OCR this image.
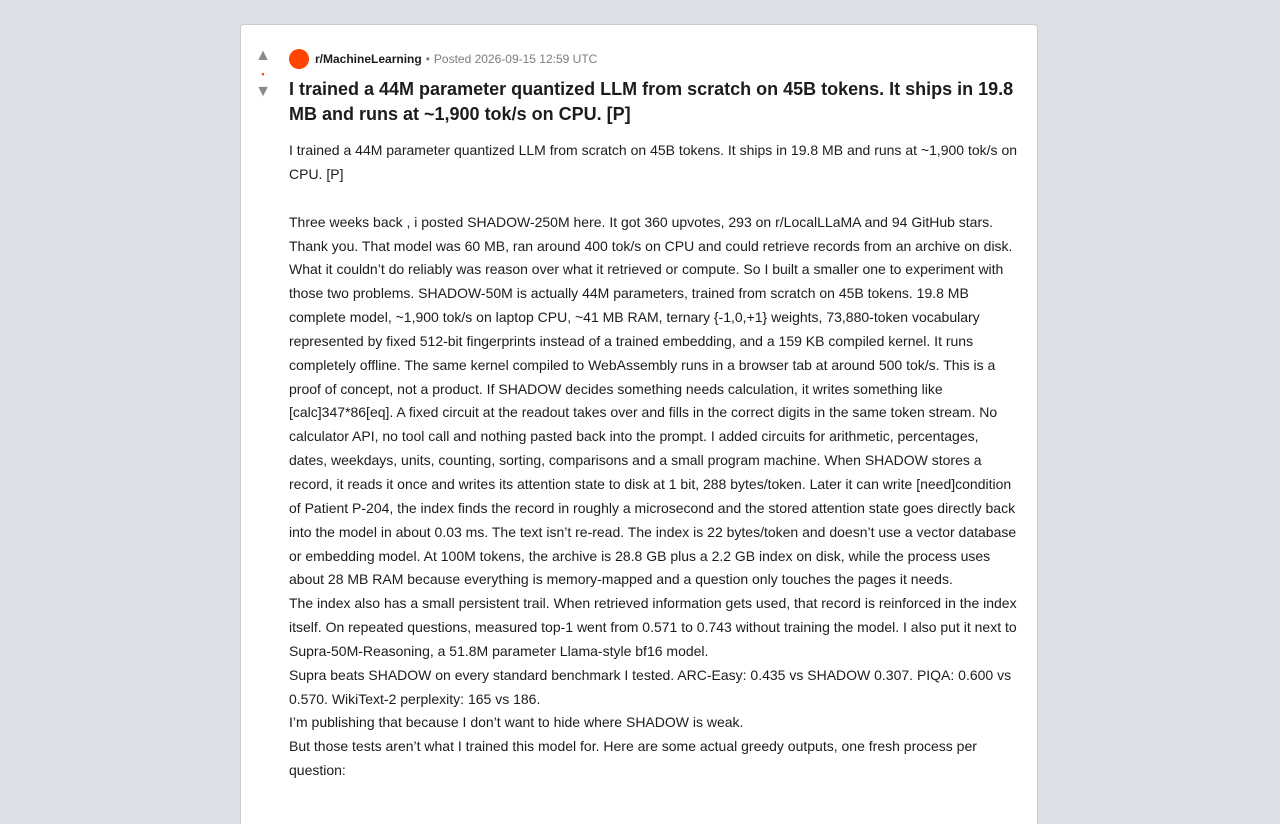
▲
•
▼
r/MachineLearning • Posted 2026-09-15 12:59 UTC
I trained a 44M parameter quantized LLM from scratch on 45B tokens. It ships in 19.8 MB and runs at ~1,900 tok/s on CPU. [P]

I trained a 44M parameter quantized LLM from scratch on 45B tokens. It ships in 19.8 MB and runs at ~1,900 tok/s on CPU. [P]

Three weeks back , i posted SHADOW-250M here. It got 360 upvotes, 293 on r/LocalLLaMA and 94 GitHub stars. Thank you. That model was 60 MB, ran around 400 tok/s on CPU and could retrieve records from an archive on disk. What it couldn’t do reliably was reason over what it retrieved or compute. So I built a smaller one to experiment with those two problems. SHADOW-50M is actually 44M parameters, trained from scratch on 45B tokens. 19.8 MB complete model, ~1,900 tok/s on laptop CPU, ~41 MB RAM, ternary {-1,0,+1} weights, 73,880-token vocabulary represented by fixed 512-bit fingerprints instead of a trained embedding, and a 159 KB compiled kernel. It runs completely offline. The same kernel compiled to WebAssembly runs in a browser tab at around 500 tok/s. This is a proof of concept, not a product. If SHADOW decides something needs calculation, it writes something like [calc]347*86[eq]. A fixed circuit at the readout takes over and fills in the correct digits in the same token stream. No calculator API, no tool call and nothing pasted back into the prompt. I added circuits for arithmetic, percentages, dates, weekdays, units, counting, sorting, comparisons and a small program machine. When SHADOW stores a record, it reads it once and writes its attention state to disk at 1 bit, 288 bytes/token. Later it can write [need]condition of Patient P-204, the index finds the record in roughly a microsecond and the stored attention state goes directly back into the model in about 0.03 ms. The text isn’t re-read. The index is 22 bytes/token and doesn’t use a vector database or embedding model. At 100M tokens, the archive is 28.8 GB plus a 2.2 GB index on disk, while the process uses about 28 MB RAM because everything is memory-mapped and a question only touches the pages it needs.

The index also has a small persistent trail. When retrieved information gets used, that record is reinforced in the index itself. On repeated questions, measured top-1 went from 0.571 to 0.743 without training the model. I also put it next to Supra-50M-Reasoning, a 51.8M parameter Llama-style bf16 model.

Supra beats SHADOW on every standard benchmark I tested. ARC-Easy: 0.435 vs SHADOW 0.307. PIQA: 0.600 vs 0.570. WikiText-2 perplexity: 165 vs 186.

I’m publishing that because I don’t want to hide where SHADOW is weak.

But those tests aren’t what I trained this model for. Here are some actual greedy outputs, one fresh process per question:
